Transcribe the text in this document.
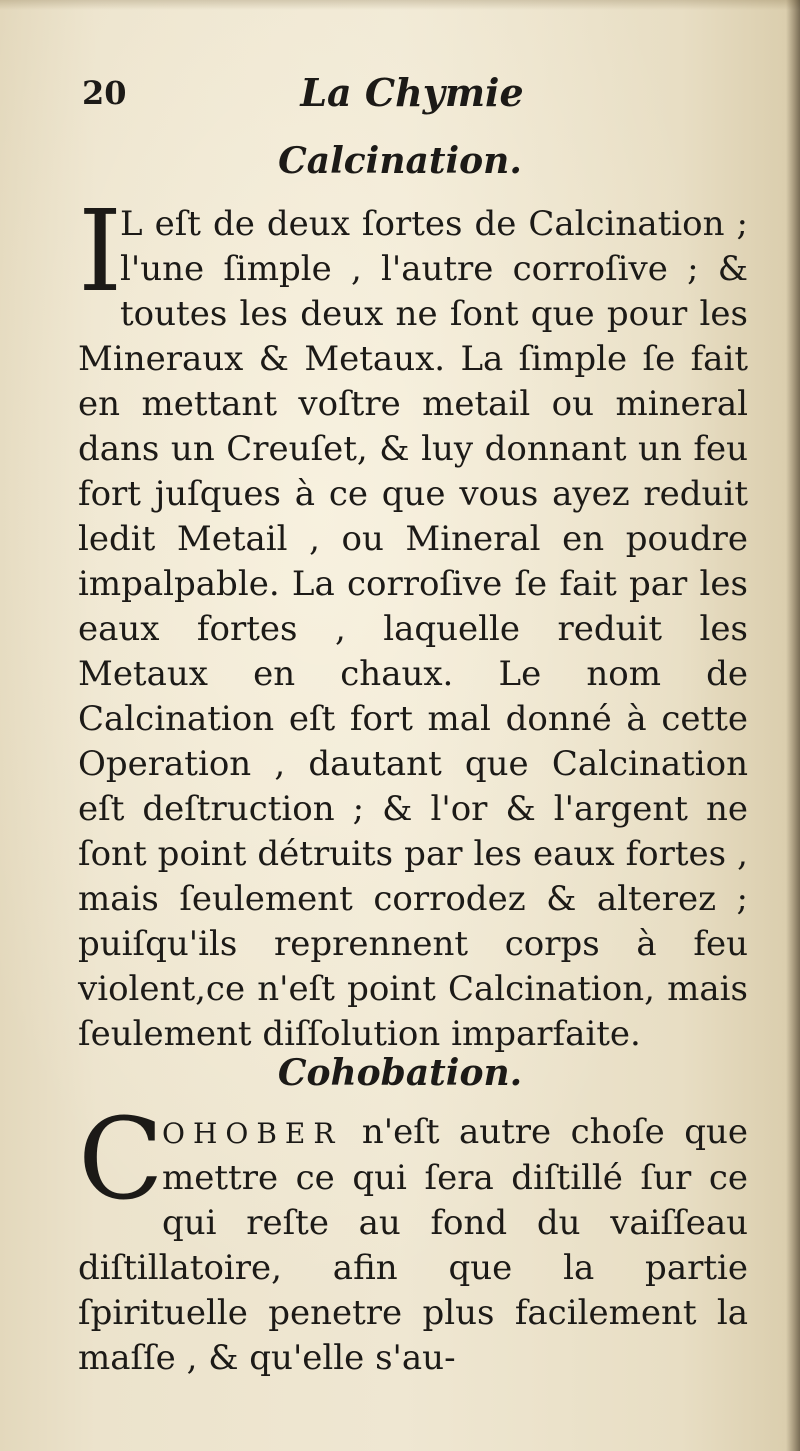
20	La Chymie
Calcination.

I
L eſt de deux ſortes de Calcination ; l'une ſimple , l'autre corroſive ; & toutes les deux ne ſont que pour les Mineraux & Metaux. La ſimple ſe fait en mettant voſtre metail ou mineral dans un Creuſet, & luy donnant un feu fort juſques à ce que vous ayez reduit ledit Metail , ou Mineral en poudre impalpable. La corroſive ſe fait par les eaux fortes , laquelle reduit les Metaux en chaux. Le nom de Calcination eſt fort mal donné à cette Operation , dautant que Calcination eſt deſtruction ; & l'or & l'argent ne ſont point détruits par les eaux fortes , mais ſeulement corrodez & alterez ; puiſqu'ils reprennent corps à feu violent,ce n'eſt point Calcination, mais ſeulement diſſolution imparfaite.

Cohobation.

C
OHOBER n'eſt autre choſe que mettre ce qui ſera diſtillé ſur ce qui reſte au fond du vaiſſeau diſtillatoire, afin que la partie ſpirituelle penetre plus facilement la maſſe , & qu'elle s'au-
